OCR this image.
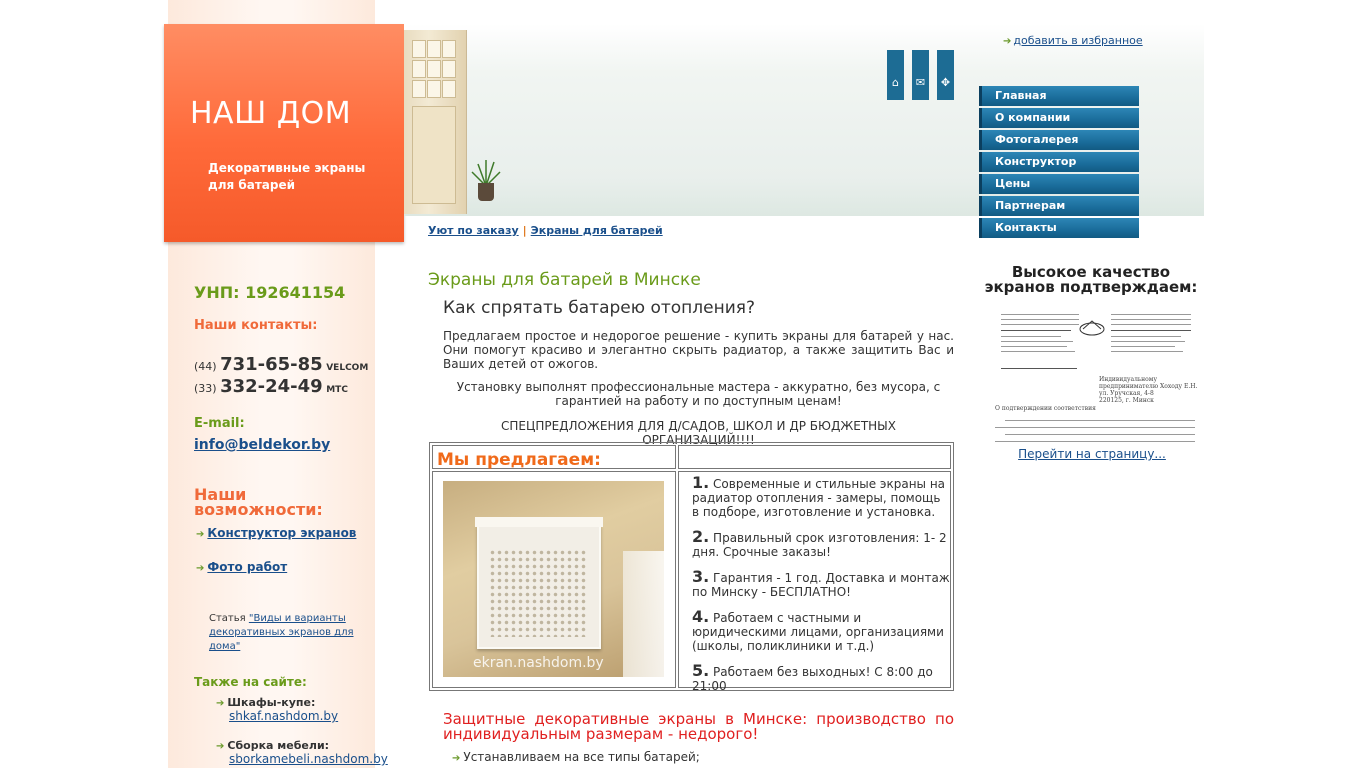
НАШ ДОМ
Декоративные экраны для батарей
➔ добавить в избранное
⌂	✉	✥
Главная
О компании
Фотогалерея
Конструктор
Цены
Партнерам
Контакты
Уют по заказу | Экраны для батарей
УНП: 192641154
Наши контакты:
(44) 731-65-85 VELCOM
(33) 332-24-49 МТС
E-mail:
info@beldekor.by
Наши возможности:
➔ Конструктор экранов
➔ Фото работ
Статья "Виды и варианты декоративных экранов для дома"
Также на сайте:
➔ Шкафы-купе:
shkaf.nashdom.by
➔ Сборка мебели:
sborkamebeli.nashdom.by
Экраны для батарей в Минске
Как спрятать батарею отопления?
Предлагаем простое и недорогое решение - купить экраны для батарей у нас. Они помогут красиво и элегантно скрыть радиатор, а также защитить Вас и Ваших детей от ожогов.
Установку выполнят профессиональные мастера - аккуратно, без мусора, с гарантией на работу и по доступным ценам!
СПЕЦПРЕДЛОЖЕНИЯ ДЛЯ Д/САДОВ, ШКОЛ И ДР БЮДЖЕТНЫХ ОРГАНИЗАЦИЙ!!!!
Мы предлагаем:
ekran.nashdom.by
1. Современные и стильные экраны на радиатор отопления - замеры, помощь в подборе, изготовление и установка.
2. Правильный срок изготовления: 1- 2 дня. Срочные заказы!
3. Гарантия - 1 год. Доставка и монтаж по Минску - БЕСПЛАТНО!
4. Работаем с частными и юридическими лицами, организациями (школы, поликлиники и т.д.)
5. Работаем без выходных! С 8:00 до 21:00
Защитные декоративные экраны в Минске: производство по индивидуальным размерам - недорого!
➔ Устанавливаем на все типы батарей;
Высокое качество экранов подтверждаем:
Индивидуальному предпринимателю Хоходу Е.Н.
ул. Уручская, 4-8
220125, г. Минск
О подтверждении соответствия
Перейти на страницу...
